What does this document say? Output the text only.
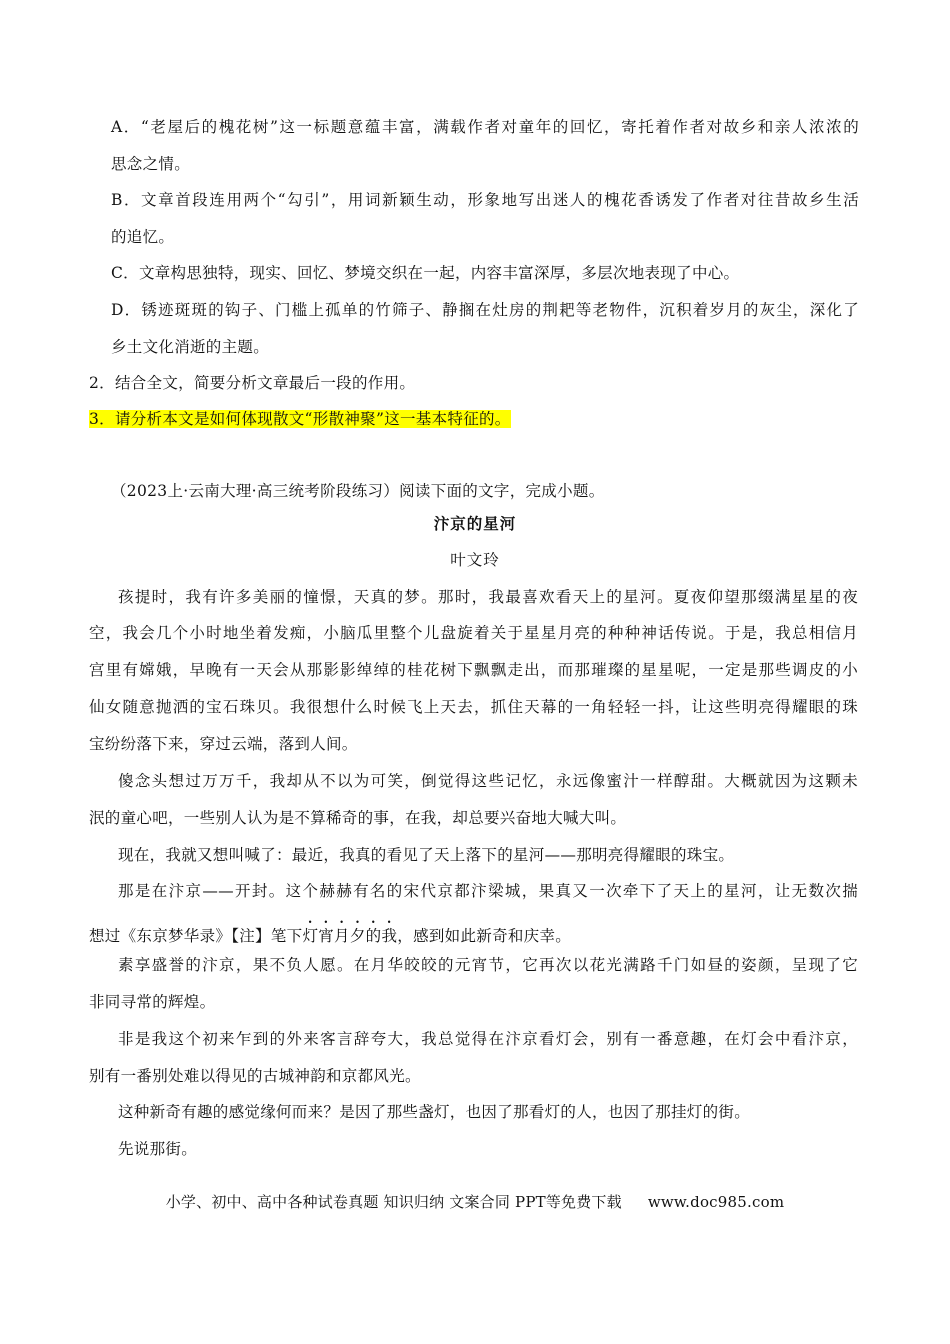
A．“老屋后的槐花树”这一标题意蕴丰富，满载作者对童年的回忆，寄托着作者对故乡和亲人浓浓的
思念之情。
B．文章首段连用两个“勾引”，用词新颖生动，形象地写出迷人的槐花香诱发了作者对往昔故乡生活
的追忆。
C．文章构思独特，现实、回忆、梦境交织在一起，内容丰富深厚，多层次地表现了中心。
D．锈迹斑斑的钩子、门槛上孤单的竹筛子、静搁在灶房的荆耙等老物件，沉积着岁月的灰尘，深化了
乡土文化消逝的主题。
2．结合全文，简要分析文章最后一段的作用。
3．请分析本文是如何体现散文“形散神聚”这一基本特征的。
（2023上·云南大理·高三统考阶段练习）阅读下面的文字，完成小题。
汴京的星河
叶文玲
孩提时，我有许多美丽的憧憬，天真的梦。那时，我最喜欢看天上的星河。夏夜仰望那缀满星星的夜
空，我会几个小时地坐着发痴，小脑瓜里整个儿盘旋着关于星星月亮的种种神话传说。于是，我总相信月
宫里有嫦娥，早晚有一天会从那影影绰绰的桂花树下飘飘走出，而那璀璨的星星呢，一定是那些调皮的小
仙女随意抛洒的宝石珠贝。我很想什么时候飞上天去，抓住天幕的一角轻轻一抖，让这些明亮得耀眼的珠
宝纷纷落下来，穿过云端，落到人间。
傻念头想过万万千，我却从不以为可笑，倒觉得这些记忆，永远像蜜汁一样醇甜。大概就因为这颗未
泯的童心吧，一些别人认为是不算稀奇的事，在我，却总要兴奋地大喊大叫。
现在，我就又想叫喊了：最近，我真的看见了天上落下的星河——那明亮得耀眼的珠宝。
那是在汴京——开封。这个赫赫有名的宋代京都汴梁城，果真又一次牵下了天上的星河，让无数次揣
想过《东京梦华录》【注】笔下灯宵月夕的我，感到如此新奇和庆幸。
素享盛誉的汴京，果不负人愿。在月华皎皎的元宵节，它再次以花光满路千门如昼的姿颜，呈现了它
非同寻常的辉煌。
非是我这个初来乍到的外来客言辞夸大，我总觉得在汴京看灯会，别有一番意趣，在灯会中看汴京，
别有一番别处难以得见的古城神韵和京都风光。
这种新奇有趣的感觉缘何而来？是因了那些盏灯，也因了那看灯的人，也因了那挂灯的街。
先说那街。
小学、初中、高中各种试卷真题 知识归纳 文案合同 PPT等免费下载 www.doc985.com
